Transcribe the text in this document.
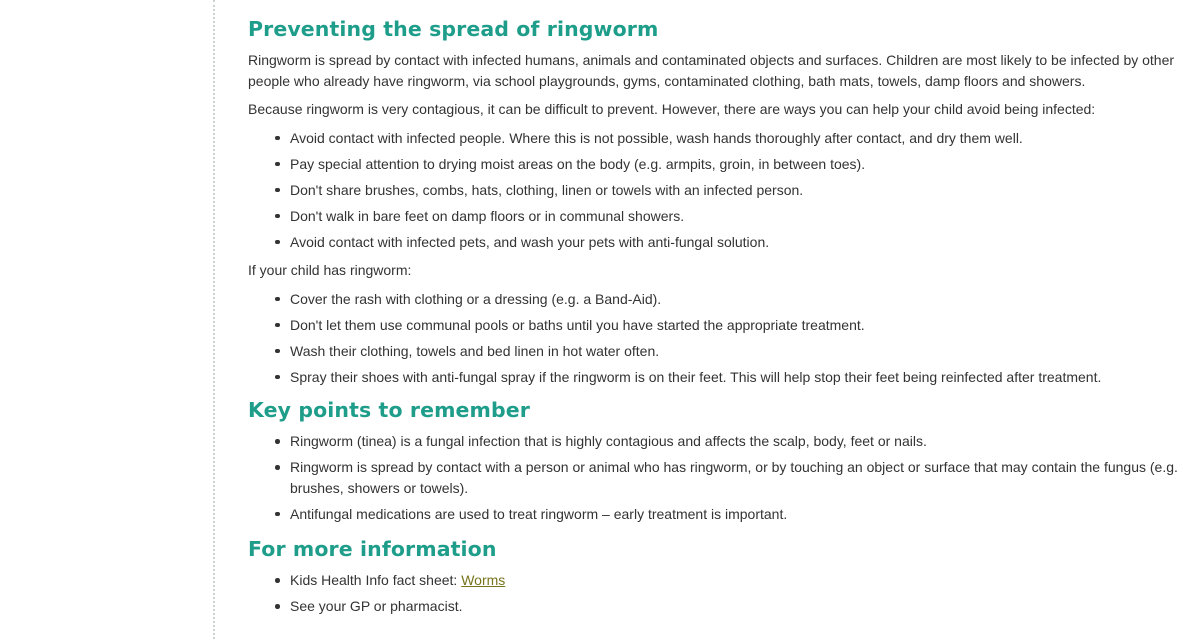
Preventing the spread of ringworm

Ringworm is spread by contact with infected humans, animals and contaminated objects and surfaces. Children are most likely to be infected by other people who already have ringworm, via school playgrounds, gyms, contaminated clothing, bath mats, towels, damp floors and showers.

Because ringworm is very contagious, it can be difficult to prevent. However, there are ways you can help your child avoid being infected:

Avoid contact with infected people. Where this is not possible, wash hands thoroughly after contact, and dry them well.
Pay special attention to drying moist areas on the body (e.g. armpits, groin, in between toes).
Don't share brushes, combs, hats, clothing, linen or towels with an infected person.
Don't walk in bare feet on damp floors or in communal showers.
Avoid contact with infected pets, and wash your pets with anti-fungal solution.

If your child has ringworm:

Cover the rash with clothing or a dressing (e.g. a Band-Aid).
Don't let them use communal pools or baths until you have started the appropriate treatment.
Wash their clothing, towels and bed linen in hot water often.
Spray their shoes with anti-fungal spray if the ringworm is on their feet. This will help stop their feet being reinfected after treatment.
Key points to remember
Ringworm (tinea) is a fungal infection that is highly contagious and affects the scalp, body, feet or nails.
Ringworm is spread by contact with a person or animal who has ringworm, or by touching an object or surface that may contain the fungus (e.g. brushes, showers or towels).
Antifungal medications are used to treat ringworm – early treatment is important.
For more information
Kids Health Info fact sheet: Worms
See your GP or pharmacist.
